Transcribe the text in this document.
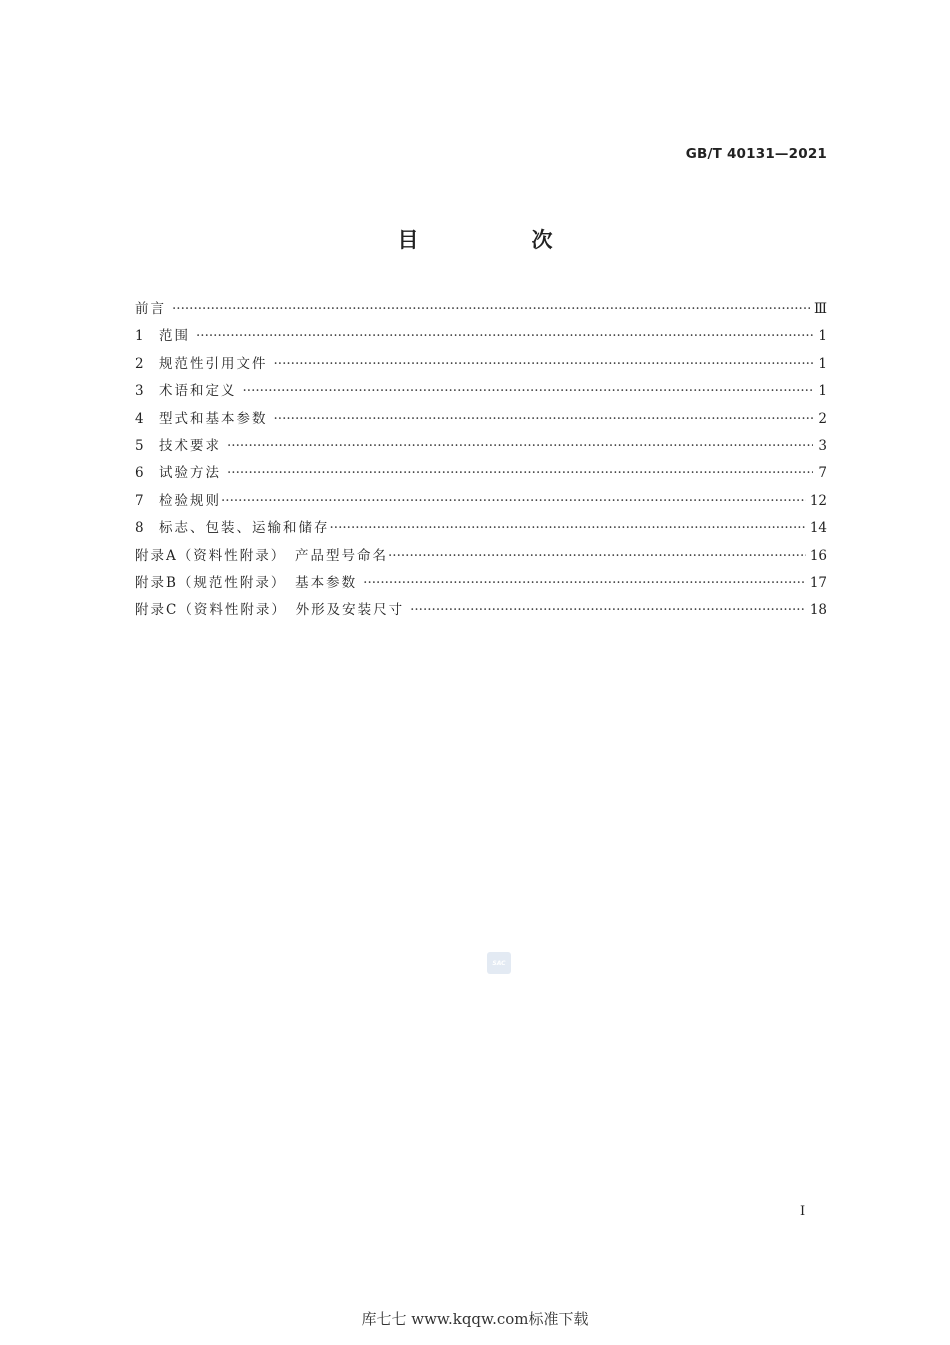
GB/T 40131—2021
目　次
前言 ·····	Ⅲ
1	范围 ·····	1
2	规范性引用文件 ·····	1
3	术语和定义 ·····	1
4	型式和基本参数 ·····	2
5	技术要求 ·····	3
6	试验方法 ·····	7
7	检验规则 ·····	12
8	标志、包装、运输和储存 ·····	14
附录A（资料性附录）　产品型号命名 ·····	16
附录B（规范性附录）　基本参数 ·····	17
附录C（资料性附录）　外形及安装尺寸 ·····	18
SAC
I
库七七 www.kqqw.com标准下载
